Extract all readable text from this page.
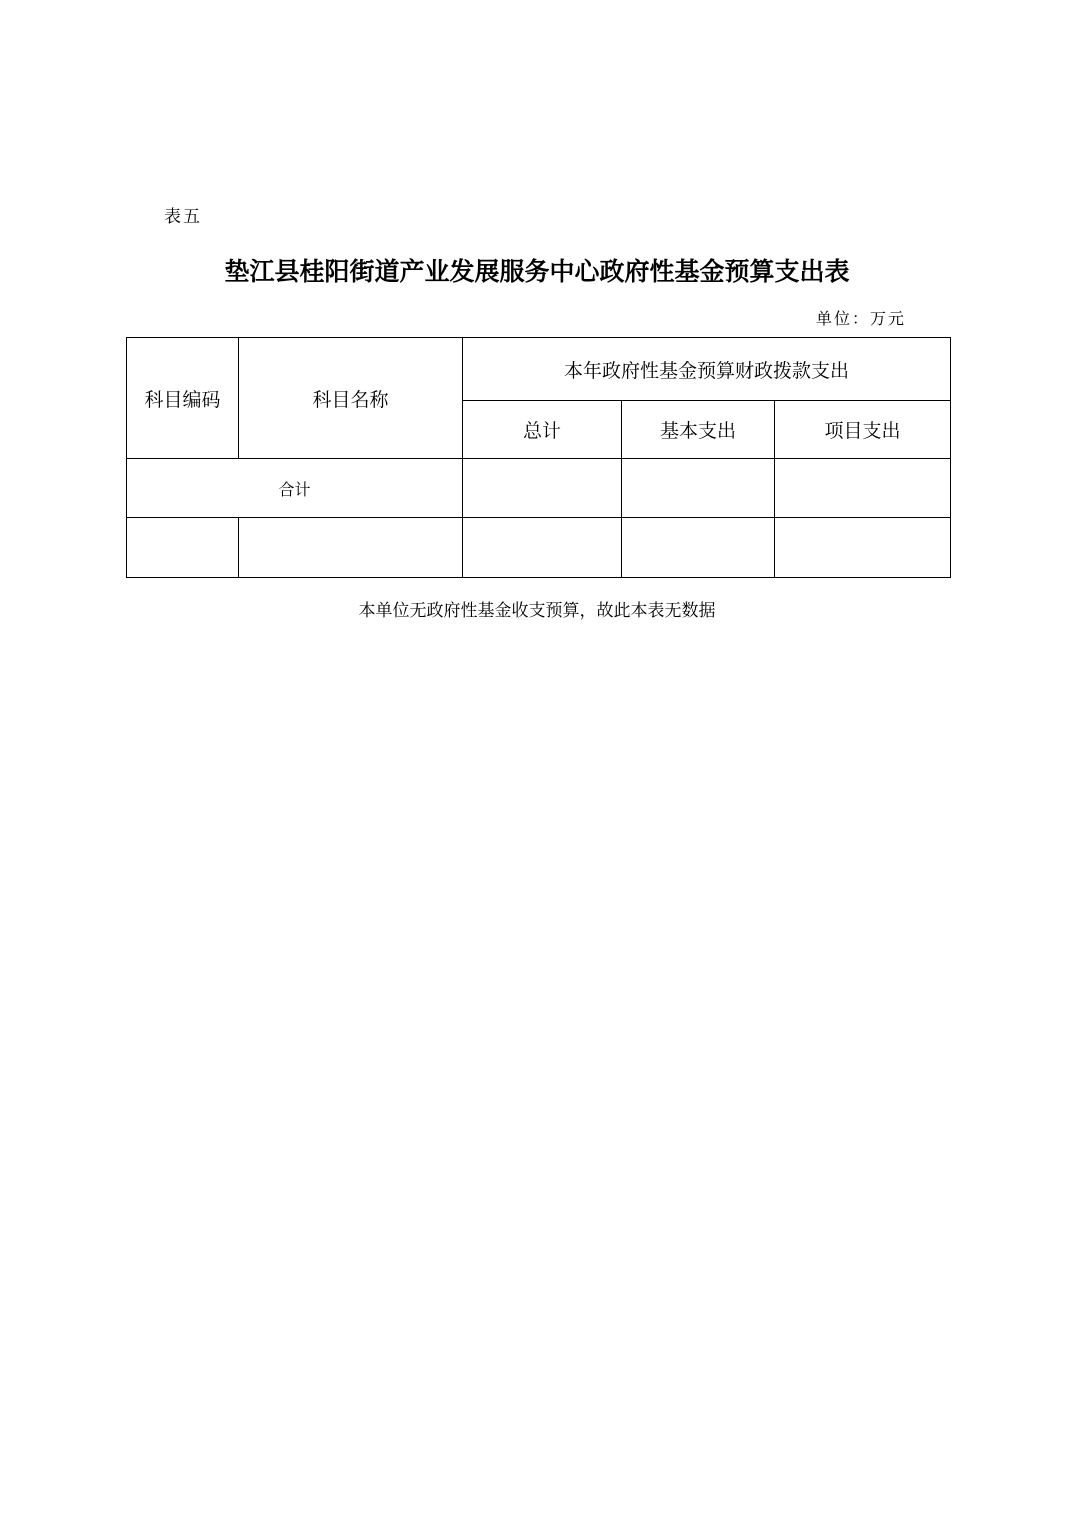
表五
垫江县桂阳街道产业发展服务中心政府性基金预算支出表
单位：万元
科目编码	科目名称	本年政府性基金预算财政拨款支出		
		总计	基本支出	项目支出
合计				

本单位无政府性基金收支预算，故此本表无数据
